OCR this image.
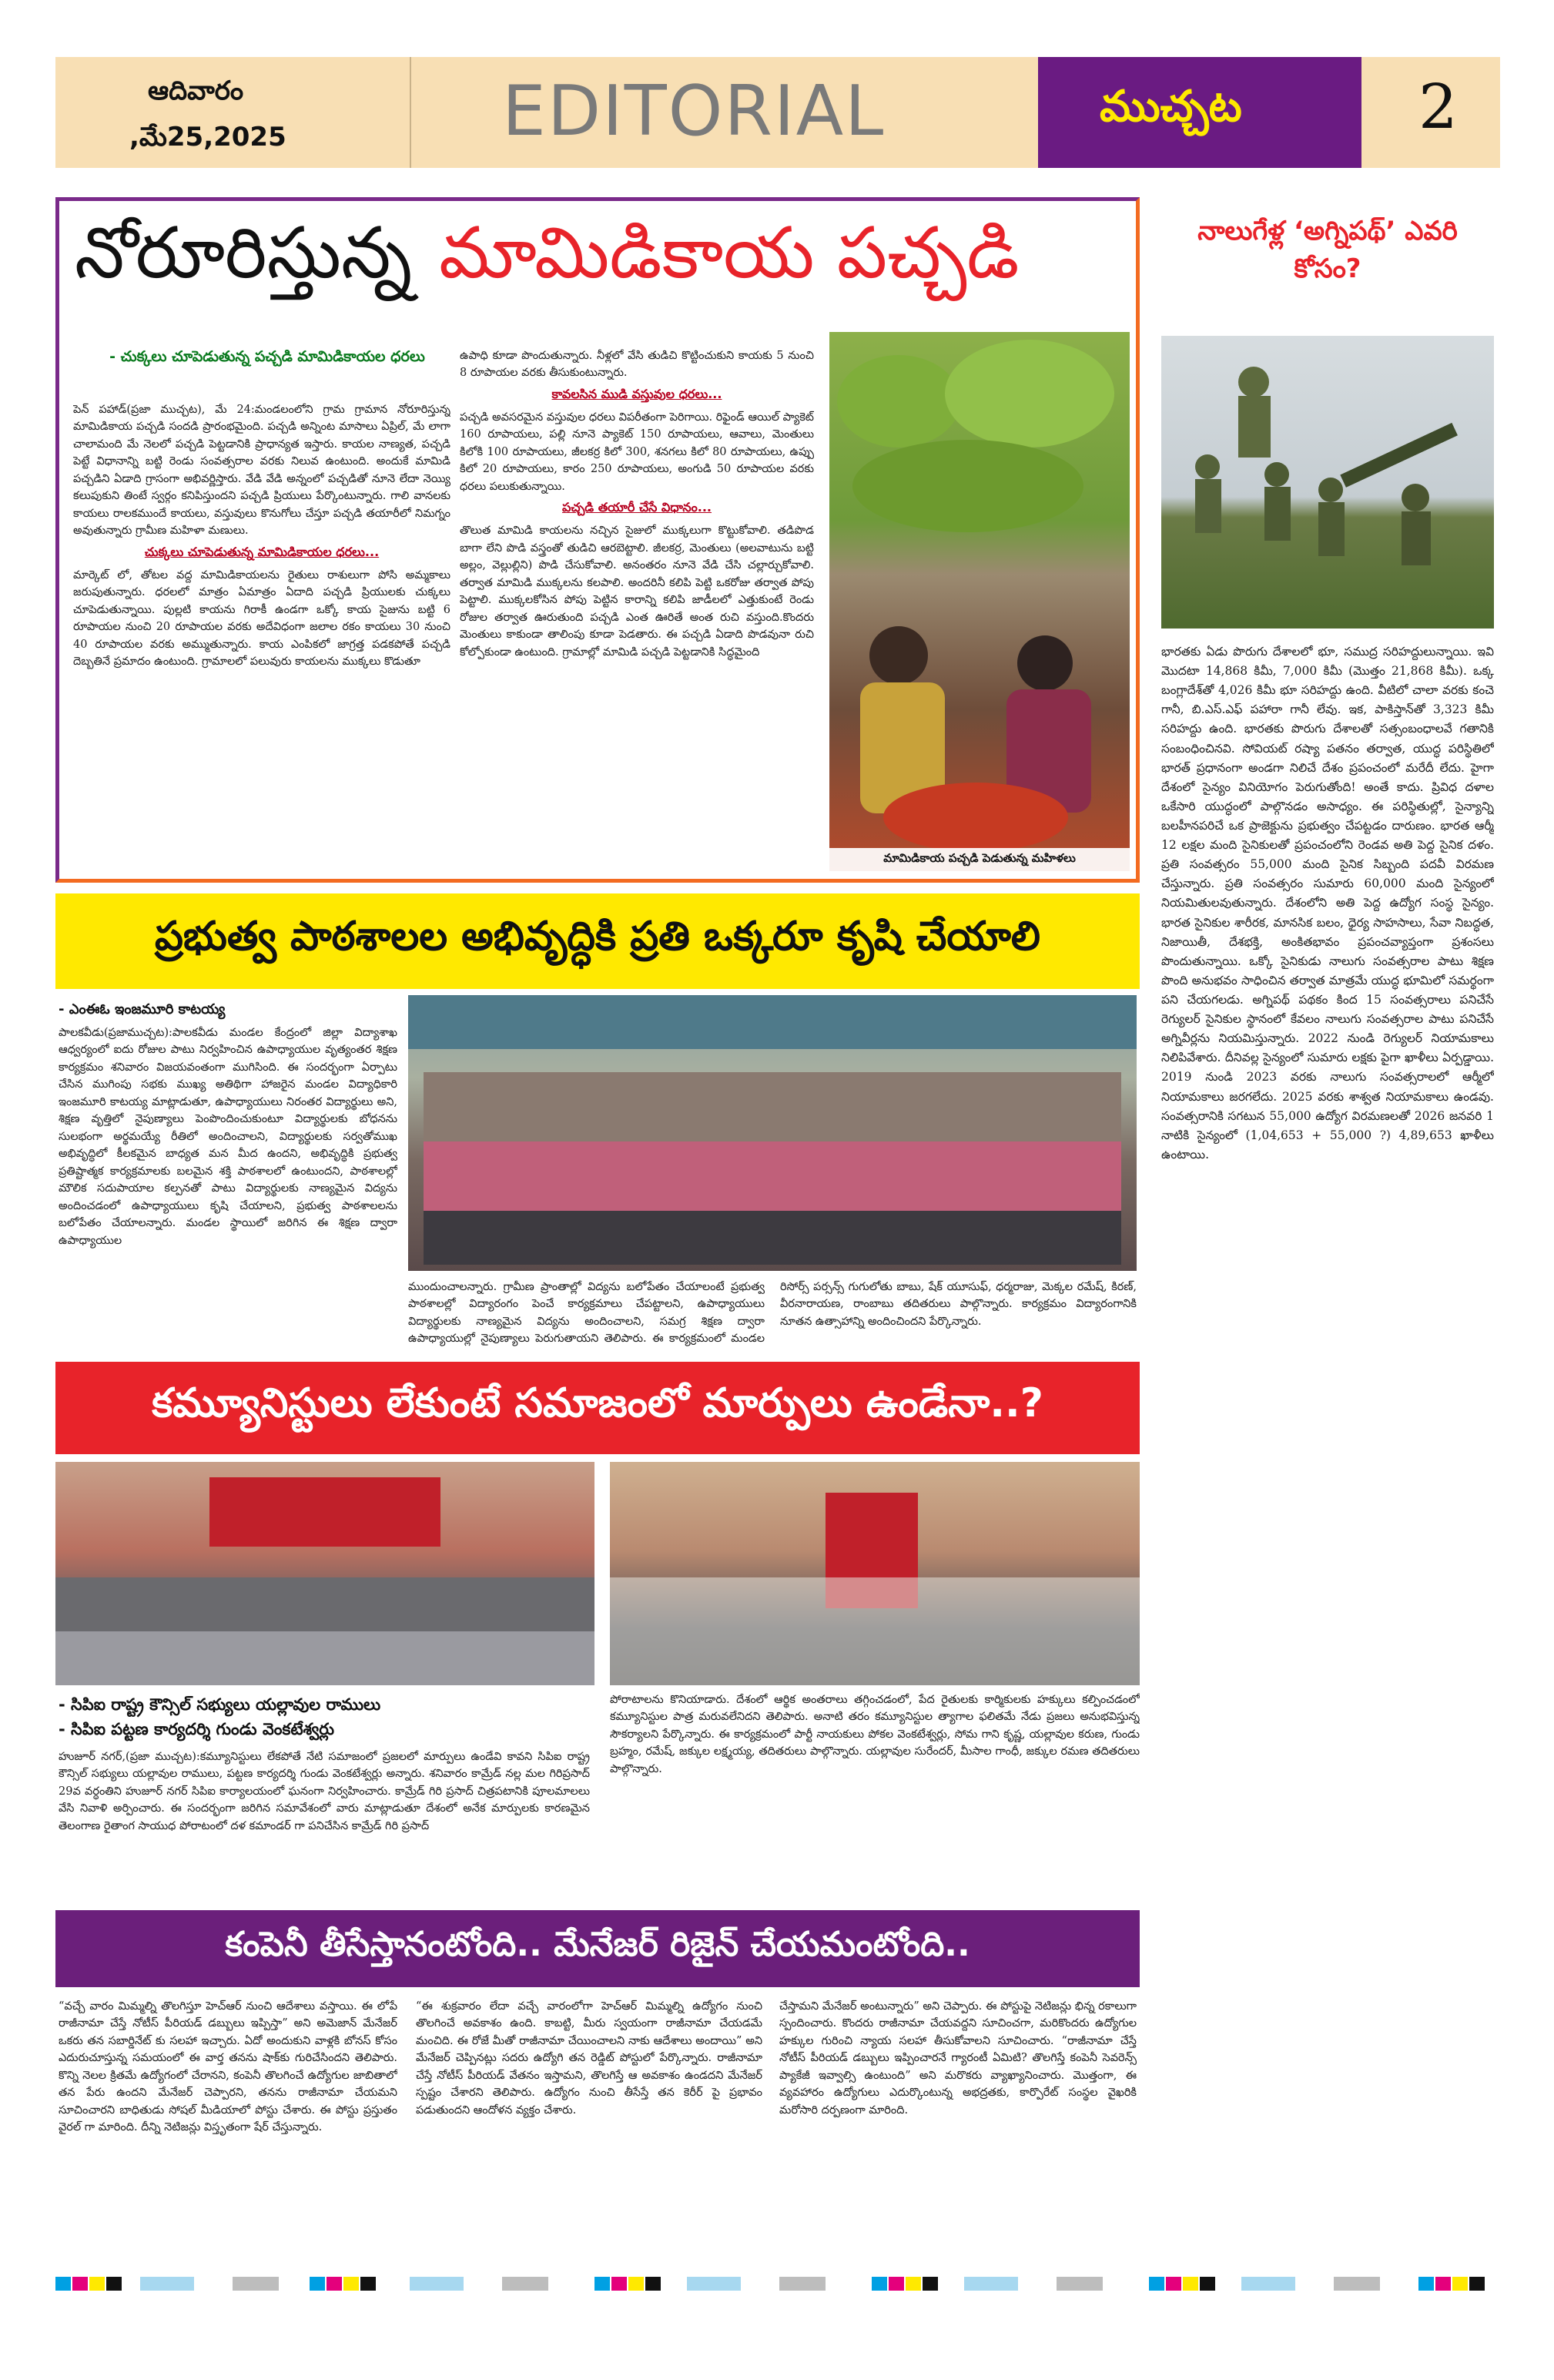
ఆదివారం
,మే25,2025	EDITORIAL	ముచ్చట	2
నోరూరిస్తున్న మామిడికాయ పచ్చడి
- చుక్కలు చూపెడుతున్న పచ్చడి మామిడికాయల ధరలు
పెన్ పహాడ్(ప్రజా ముచ్చట), మే 24:మండలంలోని గ్రామ గ్రామాన నోరూరిస్తున్న మామిడికాయ పచ్చడి సందడి ప్రారంభమైంది. పచ్చడి అన్నింట మాసాలు ఏప్రిల్, మే లాగా చాలామంది మే నెలలో పచ్చడి పెట్టడానికి ప్రాధాన్యత ఇస్తారు. కాయల నాణ్యత, పచ్చడి పెట్టే విధానాన్ని బట్టి రెండు సంవత్సరాల వరకు నిలువ ఉంటుంది. అందుకే మామిడి పచ్చడిని ఏడాది గ్రాసంగా అభివర్ణిస్తారు. వేడి వేడి అన్నంలో పచ్చడితో నూనె లేదా నెయ్యి కలుపుకుని తింటే స్వర్గం కనిపిస్తుందని పచ్చడి ప్రియులు పేర్కొంటున్నారు. గాలి వానలకు కాయలు రాలకముందే కాయలు, వస్తువులు కొనుగోలు చేస్తూ పచ్చడి తయారీలో నిమగ్నం అవుతున్నారు గ్రామీణ మహిళా మణులు.
చుక్కలు చూపెడుతున్న మామిడికాయల ధరలు...
మార్కెట్ లో, తోటల వద్ద మామిడికాయలను రైతులు రాశులుగా పోసి అమ్మకాలు జరుపుతున్నారు. ధరలలో మాత్రం ఏమాత్రం ఏదాది పచ్చడి ప్రియులకు చుక్కలు చూపెడుతున్నాయి. పుల్లటి కాయను గిరాకీ ఉండగా ఒక్కో కాయ సైజును బట్టి 6 రూపాయల నుంచి 20 రూపాయల వరకు అదేవిధంగా జలాల రకం కాయలు 30 నుంచి 40 రూపాయల వరకు అమ్ముతున్నారు. కాయ ఎంపికలో జాగ్రత్త పడకపోతే పచ్చడి దెబ్బతినే ప్రమాదం ఉంటుంది. గ్రామాలలో పలువురు కాయలను ముక్కలు కొడుతూ
ఉపాధి కూడా పొందుతున్నారు. నీళ్లలో వేసి తుడిచి కొట్టించుకుని కాయకు 5 నుంచి 8 రూపాయల వరకు తీసుకుంటున్నారు.
కావలసిన ముడి వస్తువుల ధరలు...
పచ్చడి అవసరమైన వస్తువుల ధరలు విపరీతంగా పెరిగాయి. రిఫైండ్ ఆయిల్ ప్యాకెట్ 160 రూపాయలు, పల్లి నూనె ప్యాకెట్ 150 రూపాయలు, ఆవాలు, మెంతులు కిలోకి 100 రూపాయలు, జీలకర్ర కిలో 300, శనగలు కిలో 80 రూపాయలు, ఉప్పు కిలో 20 రూపాయలు, కారం 250 రూపాయలు, అంగుడి 50 రూపాయల వరకు ధరలు పలుకుతున్నాయి.
పచ్చడి తయారీ చేసే విధానం...
తొలుత మామిడి కాయలను నచ్చిన సైజులో ముక్కలుగా కొట్టుకోవాలి. తడిపొడ బాగా లేని పొడి వస్త్రంతో తుడిచి ఆరబెట్టాలి. జీలకర్ర, మెంతులు (అలవాటును బట్టి అల్లం, వెల్లుల్లిని) పొడి చేసుకోవాలి. అనంతరం నూనె వేడి చేసి చల్లార్చుకోవాలి. తర్వాత మామిడి ముక్కలను కలపాలి. అందరినీ కలిపి పెట్టి ఒకరోజు తర్వాత పోపు పెట్టాలి. ముక్కలకోసిన పోపు పెట్టిన కారాన్ని కలిపి జాడీలలో ఎత్తుకుంటే రెండు రోజుల తర్వాత ఊరుతుంది పచ్చడి ఎంత ఊరితే అంత రుచి వస్తుంది.కొందరు మెంతులు కాకుండా తాలింపు కూడా పెడతారు. ఈ పచ్చడి ఏడాది పొడవునా రుచి కోల్పోకుండా ఉంటుంది. గ్రామాల్లో మామిడి పచ్చడి పెట్టడానికి సిద్ధమైంది
మామిడికాయ పచ్చడి పెడుతున్న మహిళలు
నాలుగేళ్ల ‘అగ్నిపథ్’ ఎవరి కోసం?
భారతకు ఏడు పొరుగు దేశాలలో భూ, సముద్ర సరిహద్దులున్నాయి. ఇవి మొదటా 14,868 కిమీ, 7,000 కిమీ (మొత్తం 21,868 కిమీ). ఒక్క బంగ్లాదేశ్‌తో 4,026 కిమీ భూ సరిహద్దు ఉంది. వీటిలో చాలా వరకు కంచె గానీ, బి.ఎస్.ఎఫ్ పహారా గానీ లేవు. ఇక, పాకిస్తాన్‌తో 3,323 కిమీ సరిహద్దు ఉంది. భారతకు పొరుగు దేశాలతో సత్సంబంధాలవే గతానికి సంబంధించినవి. సోవియట్ రష్యా పతనం తర్వాత, యుద్ధ పరిస్థితిలో భారత్ ప్రధానంగా అండగా నిలిచే దేశం ప్రపంచంలో మరేదీ లేదు. హైగా దేశంలో సైన్యం వినియోగం పెరుగుతోంది! అంతే కాదు. ప్రివిధ దళాల ఒకేసారి యుద్ధంలో పాల్గొనడం అసాధ్యం. ఈ పరిస్థితుల్లో, సైన్యాన్ని బలహీనపరిచే ఒక ప్రాజెక్టును ప్రభుత్వం చేపట్టడం దారుణం. భారత ఆర్మీ 12 లక్షల మంది సైనికులతో ప్రపంచంలోని రెండవ అతి పెద్ద సైనిక దళం. ప్రతి సంవత్సరం 55,000 మంది సైనిక సిబ్బంది పదవీ విరమణ చేస్తున్నారు. ప్రతి సంవత్సరం సుమారు 60,000 మంది సైన్యంలో నియమితులవుతున్నారు. దేశంలోని అతి పెద్ద ఉద్యోగ సంస్థ సైన్యం. భారత సైనికుల శారీరక, మానసిక బలం, ధైర్య సాహసాలు, సేవా నిబద్ధత, నిజాయితీ, దేశభక్తి, అంకితభావం ప్రపంచవ్యాప్తంగా ప్రశంసలు పొందుతున్నాయి. ఒక్కో సైనికుడు నాలుగు సంవత్సరాల పాటు శిక్షణ పొంది అనుభవం సాధించిన తర్వాత మాత్రమే యుద్ధ భూమిలో సమర్థంగా పని చేయగలడు. అగ్నిపథ్ పథకం కింద 15 సంవత్సరాలు పనిచేసే రెగ్యులర్ సైనికుల స్థానంలో కేవలం నాలుగు సంవత్సరాల పాటు పనిచేసే అగ్నివీర్లను నియమిస్తున్నారు. 2022 నుండి రెగ్యులర్ నియామకాలు నిలిపివేశారు. దీనివల్ల సైన్యంలో సుమారు లక్షకు పైగా ఖాళీలు ఏర్పడ్డాయి. 2019 నుండి 2023 వరకు నాలుగు సంవత్సరాలలో ఆర్మీలో నియామకాలు జరగలేదు. 2025 వరకు శాశ్వత నియామకాలు ఉండవు. సంవత్సరానికి సగటున 55,000 ఉద్యోగ విరమణలతో 2026 జనవరి 1 నాటికి సైన్యంలో (1,04,653 + 55,000 ?) 4,89,653 ఖాళీలు ఉంటాయి.
ప్రభుత్వ పాఠశాలల అభివృద్ధికి ప్రతి ఒక్కరూ కృషి చేయాలి
- ఎంఈఓ ఇంజమూరి కాటయ్య
పాలకవీడు(ప్రజాముచ్చట):పాలకవీడు మండల కేంద్రంలో జిల్లా విద్యాశాఖ ఆధ్వర్యంలో ఐదు రోజుల పాటు నిర్వహించిన ఉపాధ్యాయుల వృత్యంతర శిక్షణ కార్యక్రమం శనివారం విజయవంతంగా ముగిసింది. ఈ సందర్భంగా ఏర్పాటు చేసిన ముగింపు సభకు ముఖ్య అతిథిగా హాజరైన మండల విద్యాధికారి ఇంజమూరి కాటయ్య మాట్లాడుతూ, ఉపాధ్యాయులు నిరంతర విద్యార్థులు అని, శిక్షణ వృత్తిలో నైపుణ్యాలు పెంపొందించుకుంటూ విద్యార్థులకు బోధనను సులభంగా అర్థమయ్యే రీతిలో అందించాలని, విద్యార్థులకు సర్వతోముఖ అభివృద్ధిలో కీలకమైన బాధ్యత మన మీద ఉందని, అభివృద్ధికి ప్రభుత్వ ప్రతిష్టాత్మక కార్యక్రమాలకు బలమైన శక్తి పాఠశాలలో ఉంటుందని, పాఠశాలల్లో మౌలిక సదుపాయాల కల్పనతో పాటు విద్యార్థులకు నాణ్యమైన విద్యను అందించడంలో ఉపాధ్యాయులు కృషి చేయాలని, ప్రభుత్వ పాఠశాలలను బలోపేతం చేయాలన్నారు. మండల స్థాయిలో జరిగిన ఈ శిక్షణ ద్వారా ఉపాధ్యాయుల
ముందుంచాలన్నారు. గ్రామీణ ప్రాంతాల్లో విద్యను బలోపేతం చేయాలంటే ప్రభుత్వ పాఠశాలల్లో విద్యారంగం పెంచే కార్యక్రమాలు చేపట్టాలని, ఉపాధ్యాయులు విద్యార్థులకు నాణ్యమైన విద్యను అందించాలని, సమగ్ర శిక్షణ ద్వారా ఉపాధ్యాయుల్లో నైపుణ్యాలు పెరుగుతాయని తెలిపారు. ఈ కార్యక్రమంలో మండల రిసోర్స్ పర్సన్స్ గుగులోతు బాబు, షేక్ యూసుఫ్, ధర్మరాజు, మెక్కల రమేష్, కిరణ్, వీరనారాయణ, రాంబాబు తదితరులు పాల్గొన్నారు. కార్యక్రమం విద్యారంగానికి నూతన ఉత్సాహాన్ని అందించిందని పేర్కొన్నారు.
కమ్యూనిస్టులు లేకుంటే సమాజంలో మార్పులు ఉండేనా..?
- సిపిఐ రాష్ట్ర కౌన్సిల్ సభ్యులు యల్లావుల రాములు
- సిపిఐ పట్టణ కార్యదర్శి గుండు వెంకటేశ్వర్లు
హుజూర్ నగర్,(ప్రజా ముచ్చట):కమ్యూనిస్టులు లేకపోతే నేటి సమాజంలో ప్రజలలో మార్పులు ఉండేవి కావని సిపిఐ రాష్ట్ర కౌన్సిల్ సభ్యులు యల్లావుల రాములు, పట్టణ కార్యదర్శి గుండు వెంకటేశ్వర్లు అన్నారు. శనివారం కామ్రేడ్ నల్ల మల గిరిప్రసాద్ 29వ వర్ధంతిని హుజూర్ నగర్ సిపిఐ కార్యాలయంలో ఘనంగా నిర్వహించారు. కామ్రేడ్ గిరి ప్రసాద్ చిత్రపటానికి పూలమాలలు వేసి నివాళి అర్పించారు. ఈ సందర్భంగా జరిగిన సమావేశంలో వారు మాట్లాడుతూ దేశంలో అనేక మార్పులకు కారణమైన తెలంగాణ రైతాంగ సాయుధ పోరాటంలో దళ కమాండర్ గా పనిచేసిన కామ్రేడ్ గిరి ప్రసాద్
పోరాటాలను కొనియాడారు. దేశంలో ఆర్థిక అంతరాలు తగ్గించడంలో, పేద రైతులకు కార్మికులకు హక్కులు కల్పించడంలో కమ్యూనిస్టుల పాత్ర మరువలేనిదని తెలిపారు. అనాటి తరం కమ్యూనిస్టుల త్యాగాల ఫలితమే నేడు ప్రజలు అనుభవిస్తున్న సౌకర్యాలని పేర్కొన్నారు. ఈ కార్యక్రమంలో పార్టీ నాయకులు పోకల వెంకటేశ్వర్లు, సోమ గాని కృష్ణ, యల్లావుల కరుణ, గుండు బ్రహ్మం, రమేష్, జక్కుల లక్ష్మయ్య, తదితరులు పాల్గొన్నారు. యల్లావుల సురేందర్, మీసాల గాంధీ, జక్కుల రమణ తదితరులు పాల్గొన్నారు.
కంపెనీ తీసేస్తానంటోంది.. మేనేజర్ రిజైన్ చేయమంటోంది..
“వచ్చే వారం మిమ్మల్ని తొలగిస్తూ హెచ్ఆర్ నుంచి ఆదేశాలు వస్తాయి. ఈ లోపే రాజీనామా చేస్తే నోటీస్ పీరియడ్ డబ్బులు ఇప్పిస్తా” అని అమెజాన్ మేనేజర్ ఒకరు తన సబార్డినేట్ కు సలహా ఇచ్చారు. ఏదో అందుకుని వాళ్లకి బోనస్ కోసం ఎదురుచూస్తున్న సమయంలో ఈ వార్త తనను షాక్‌కు గురిచేసిందని తెలిపారు. కొన్ని నెలల క్రితమే ఉద్యోగంలో చేరానని, కంపెనీ తొలగించే ఉద్యోగుల జాబితాలో తన పేరు ఉందని మేనేజర్ చెప్పారని, తనను రాజీనామా చేయమని సూచించారని బాధితుడు సోషల్ మీడియాలో పోస్టు చేశారు. ఈ పోస్టు ప్రస్తుతం వైరల్ గా మారింది. దీన్ని నెటిజన్లు విస్తృతంగా షేర్ చేస్తున్నారు.
“ఈ శుక్రవారం లేదా వచ్చే వారంలోగా హెచ్ఆర్ మిమ్మల్ని ఉద్యోగం నుంచి తొలగించే అవకాశం ఉంది. కాబట్టి, మీరు స్వయంగా రాజీనామా చేయడమే మంచిది. ఈ రోజే మీతో రాజీనామా చేయించాలని నాకు ఆదేశాలు అందాయి” అని మేనేజర్ చెప్పినట్లు సదరు ఉద్యోగి తన రెడ్డిట్ పోస్టులో పేర్కొన్నారు. రాజీనామా చేస్తే నోటీస్ పీరియడ్ వేతనం ఇస్తామని, తొలగిస్తే ఆ అవకాశం ఉండదని మేనేజర్ స్పష్టం చేశారని తెలిపారు. ఉద్యోగం నుంచి తీసేస్తే తన కెరీర్ పై ప్రభావం పడుతుందని ఆందోళన వ్యక్తం చేశారు.
చేస్తామని మేనేజర్ అంటున్నారు” అని చెప్పారు. ఈ పోస్టుపై నెటిజన్లు భిన్న రకాలుగా స్పందించారు. కొందరు రాజీనామా చేయవద్దని సూచించగా, మరికొందరు ఉద్యోగుల హక్కుల గురించి న్యాయ సలహా తీసుకోవాలని సూచించారు. “రాజీనామా చేస్తే నోటీస్ పీరియడ్ డబ్బులు ఇప్పించారనే గ్యారంటీ ఏమిటి? తొలగిస్తే కంపెనీ సెవరెన్స్ ప్యాకేజీ ఇవ్వాల్సి ఉంటుంది” అని మరొకరు వ్యాఖ్యానించారు. మొత్తంగా, ఈ వ్యవహారం ఉద్యోగులు ఎదుర్కొంటున్న అభద్రతకు, కార్పొరేట్ సంస్థల వైఖరికి మరోసారి దర్పణంగా మారింది.
